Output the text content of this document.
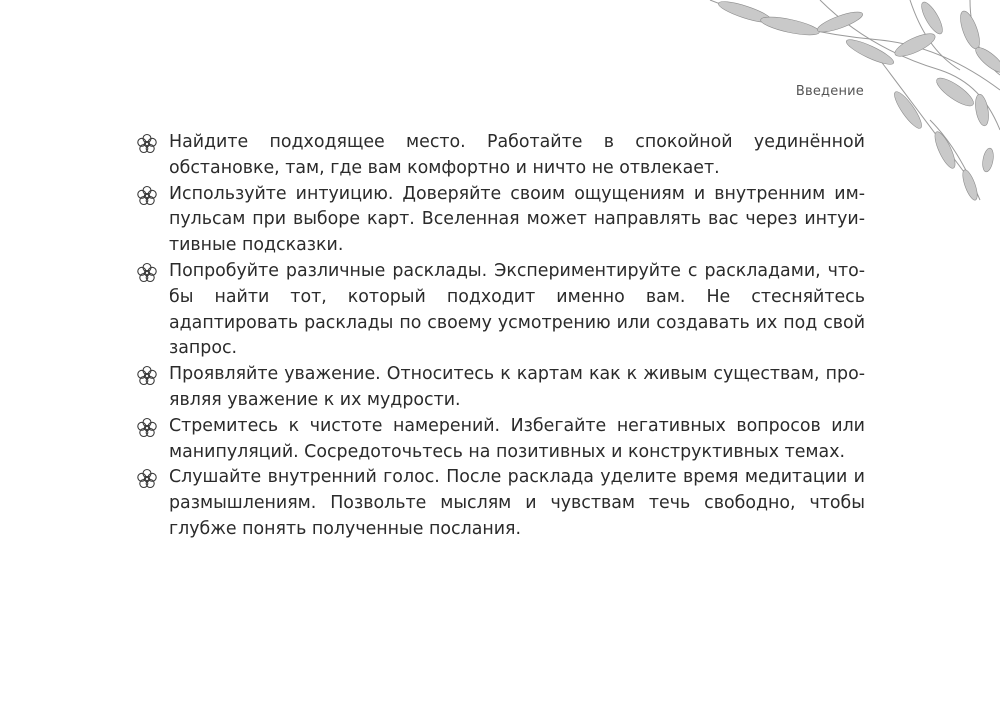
Введение
Найдите подходящее место. Работайте в спокойной уединённой обстановке, там, где вам комфортно и ничто не отвлекает.
Используйте интуицию. Доверяйте своим ощущениям и внутренним импульсам при выборе карт. Вселенная может направлять вас через интуитивные подсказки.
Попробуйте различные расклады. Экспериментируйте с раскладами, чтобы найти тот, который подходит именно вам. Не стесняйтесь адаптировать расклады по своему усмотрению или создавать их под свой запрос.
Проявляйте уважение. Относитесь к картам как к живым существам, проявляя уважение к их мудрости.
Стремитесь к чистоте намерений. Избегайте негативных вопросов или манипуляций. Сосредоточьтесь на позитивных и конструктивных темах.
Слушайте внутренний голос. После расклада уделите время медитации и размышлениям. Позвольте мыслям и чувствам течь свободно, чтобы глубже понять полученные послания.
